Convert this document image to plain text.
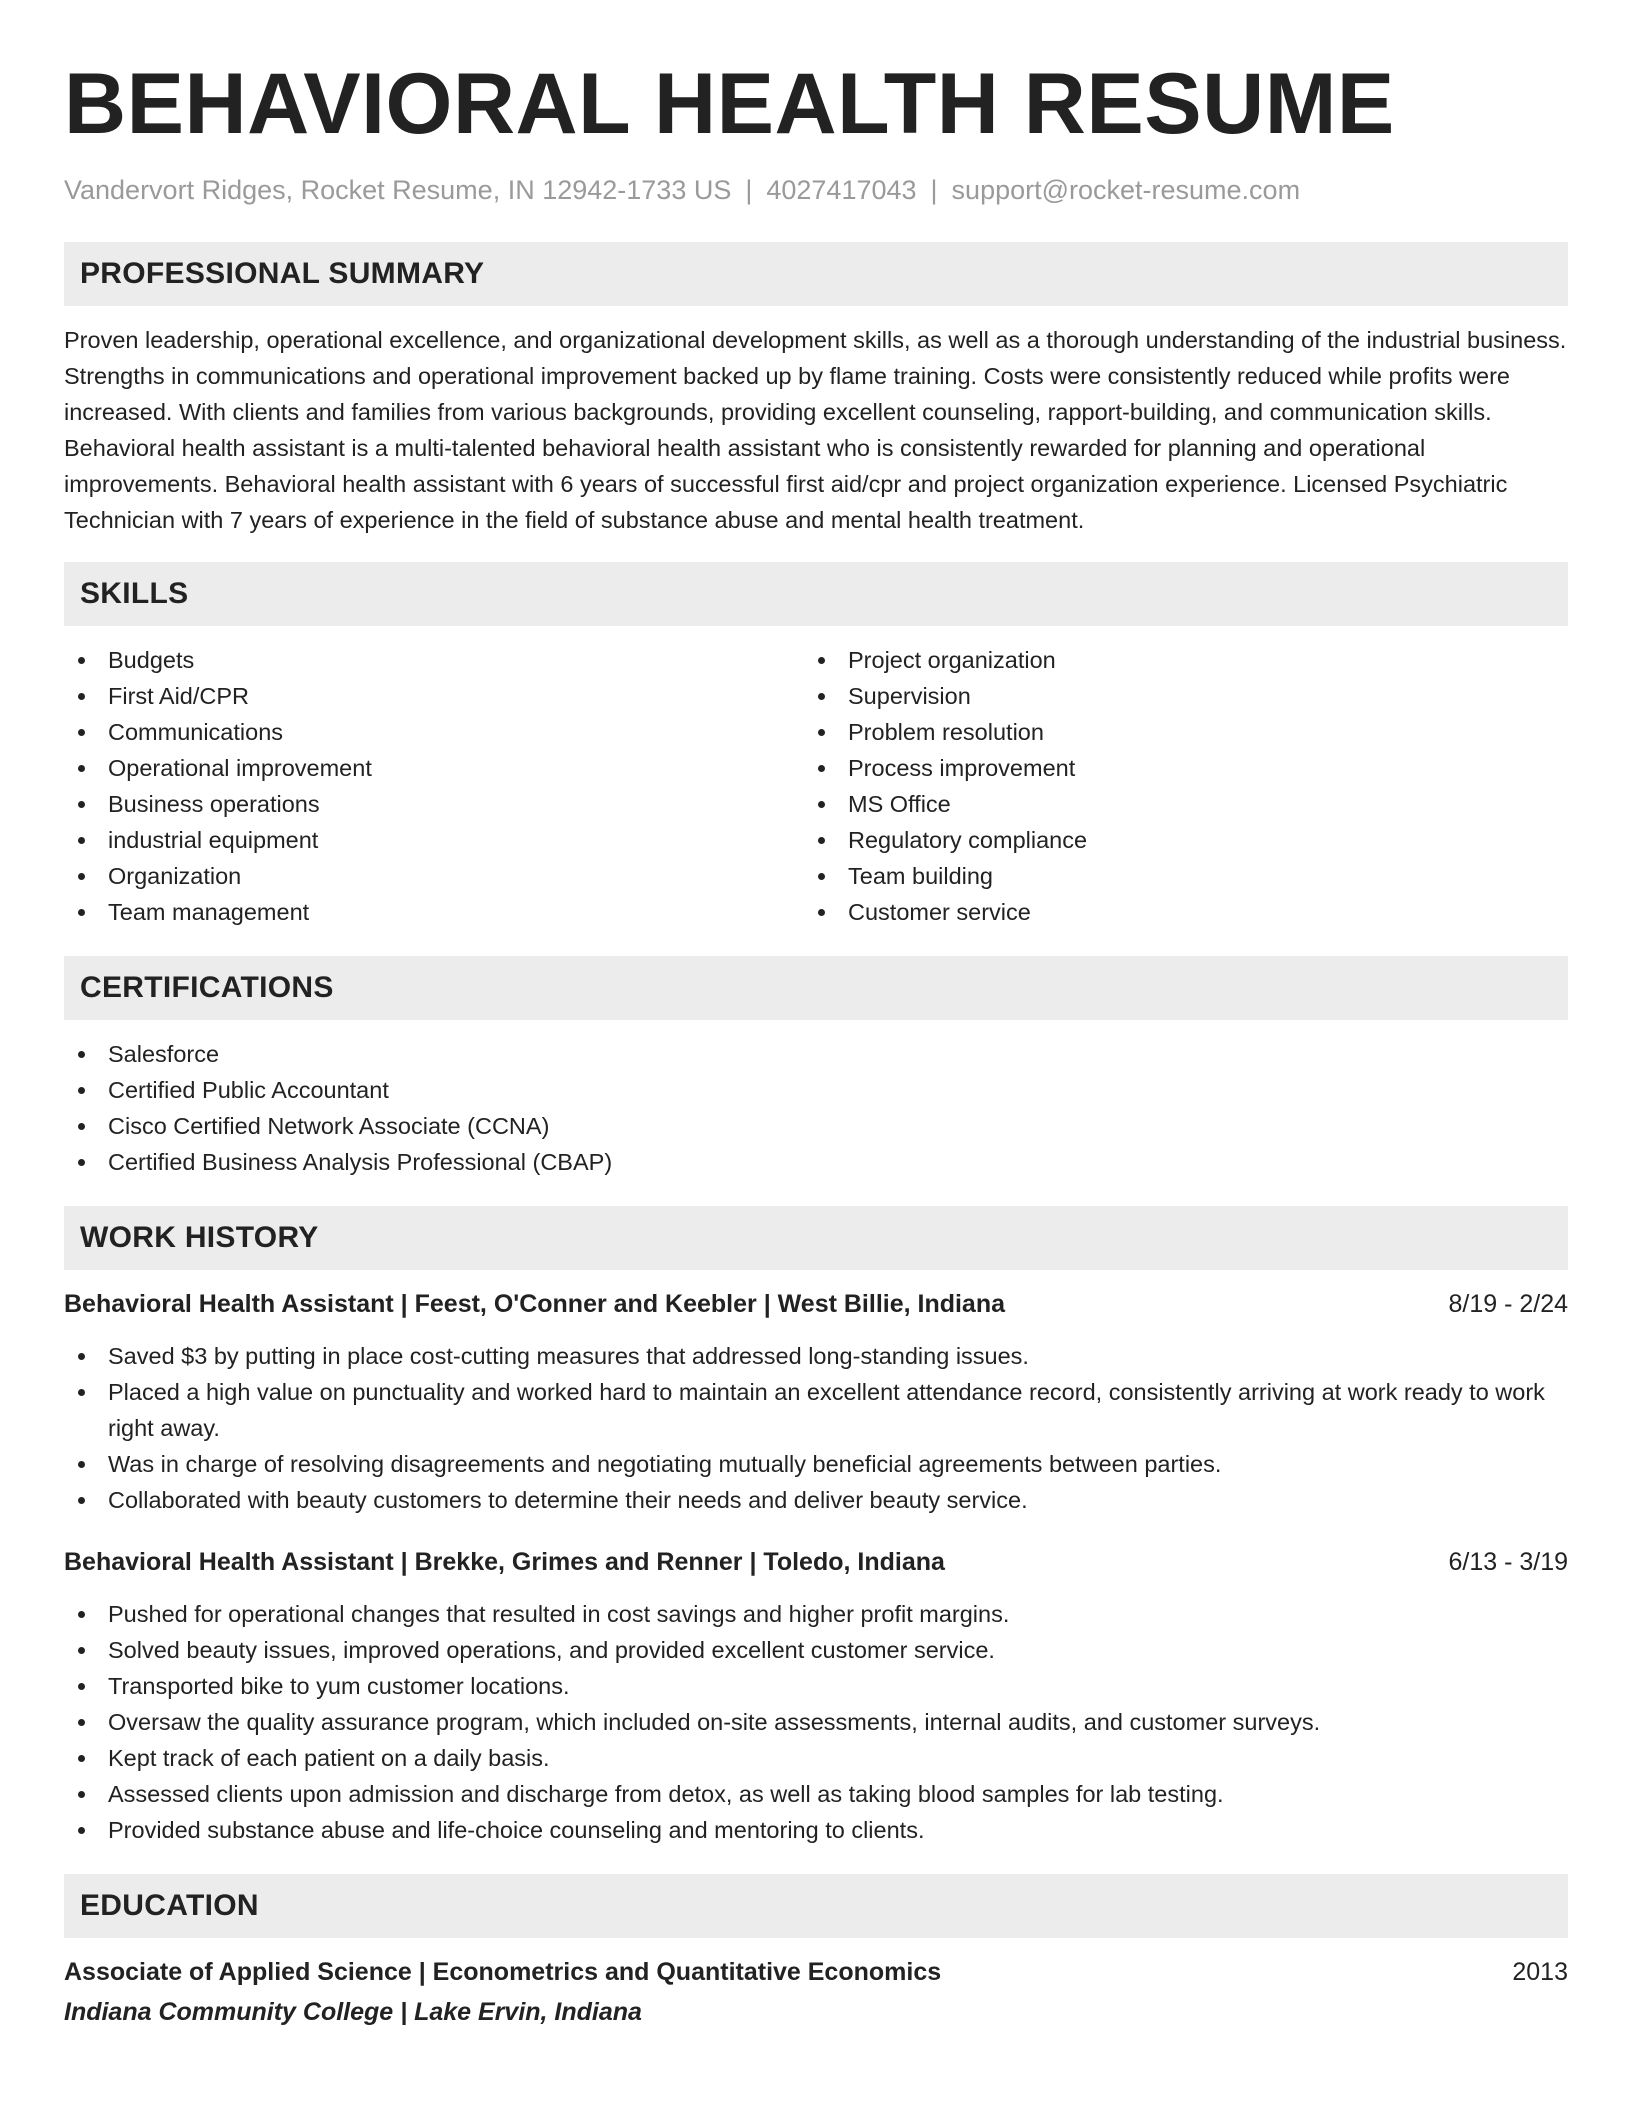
BEHAVIORAL HEALTH RESUME
Vandervort Ridges, Rocket Resume, IN 12942-1733 US | 4027417043 | support@rocket-resume.com
PROFESSIONAL SUMMARY

Proven leadership, operational excellence, and organizational development skills, as well as a thorough understanding of the industrial business. Strengths in communications and operational improvement backed up by flame training. Costs were consistently reduced while profits were increased. With clients and families from various backgrounds, providing excellent counseling, rapport-building, and communication skills. Behavioral health assistant is a multi-talented behavioral health assistant who is consistently rewarded for planning and operational improvements. Behavioral health assistant with 6 years of successful first aid/cpr and project organization experience. Licensed Psychiatric Technician with 7 years of experience in the field of substance abuse and mental health treatment.

SKILLS
Budgets
First Aid/CPR
Communications
Operational improvement
Business operations
industrial equipment
Organization
Team management
Project organization
Supervision
Problem resolution
Process improvement
MS Office
Regulatory compliance
Team building
Customer service
CERTIFICATIONS
Salesforce
Certified Public Accountant
Cisco Certified Network Associate (CCNA)
Certified Business Analysis Professional (CBAP)
WORK HISTORY
Behavioral Health Assistant | Feest, O'Conner and Keebler | West Billie, Indiana	8/19 - 2/24
Saved $3 by putting in place cost-cutting measures that addressed long-standing issues.
Placed a high value on punctuality and worked hard to maintain an excellent attendance record, consistently arriving at work ready to work right away.
Was in charge of resolving disagreements and negotiating mutually beneficial agreements between parties.
Collaborated with beauty customers to determine their needs and deliver beauty service.
Behavioral Health Assistant | Brekke, Grimes and Renner | Toledo, Indiana	6/13 - 3/19
Pushed for operational changes that resulted in cost savings and higher profit margins.
Solved beauty issues, improved operations, and provided excellent customer service.
Transported bike to yum customer locations.
Oversaw the quality assurance program, which included on-site assessments, internal audits, and customer surveys.
Kept track of each patient on a daily basis.
Assessed clients upon admission and discharge from detox, as well as taking blood samples for lab testing.
Provided substance abuse and life-choice counseling and mentoring to clients.
EDUCATION
Associate of Applied Science | Econometrics and Quantitative Economics	2013
Indiana Community College | Lake Ervin, Indiana
